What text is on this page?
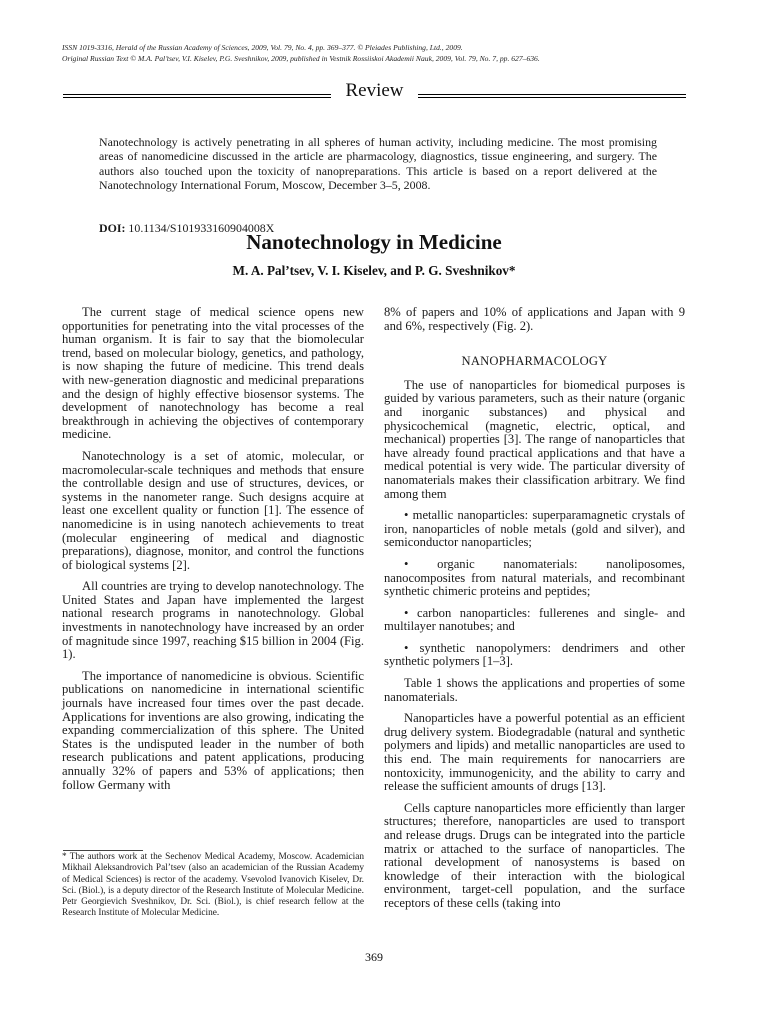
ISSN 1019-3316, Herald of the Russian Academy of Sciences, 2009, Vol. 79, No. 4, pp. 369–377. © Pleiades Publishing, Ltd., 2009.
Original Russian Text © M.A. Pal’tsev, V.I. Kiselev, P.G. Sveshnikov, 2009, published in Vestnik Rossiiskoi Akademii Nauk, 2009, Vol. 79, No. 7, pp. 627–636.
Review
Nanotechnology is actively penetrating in all spheres of human activity, including medicine. The most promising areas of nanomedicine discussed in the article are pharmacology, diagnostics, tissue engineering, and surgery. The authors also touched upon the toxicity of nanopreparations. This article is based on a report delivered at the Nanotechnology International Forum, Moscow, December 3–5, 2008.
DOI: 10.1134/S101933160904008X
Nanotechnology in Medicine
M. A. Pal’tsev, V. I. Kiselev, and P. G. Sveshnikov*

The current stage of medical science opens new opportunities for penetrating into the vital processes of the human organism. It is fair to say that the biomolecular trend, based on molecular biology, genetics, and pathology, is now shaping the future of medicine. This trend deals with new-generation diagnostic and medicinal preparations and the design of highly effective biosensor systems. The development of nanotechnology has become a real breakthrough in achieving the objectives of contemporary medicine.

Nanotechnology is a set of atomic, molecular, or macromolecular-scale techniques and methods that ensure the controllable design and use of structures, devices, or systems in the nanometer range. Such designs acquire at least one excellent quality or function [1]. The essence of nanomedicine is in using nanotech achievements to treat (molecular engineering of medical and diagnostic preparations), diagnose, monitor, and control the functions of biological systems [2].

All countries are trying to develop nanotechnology. The United States and Japan have implemented the largest national research programs in nanotechnology. Global investments in nanotechnology have increased by an order of magnitude since 1997, reaching $15 billion in 2004 (Fig. 1).

The importance of nanomedicine is obvious. Scientific publications on nanomedicine in international scientific journals have increased four times over the past decade. Applications for inventions are also growing, indicating the expanding commercialization of this sphere. The United States is the undisputed leader in the number of both research publications and patent applications, producing annually 32% of papers and 53% of applications; then follow Germany with

8% of papers and 10% of applications and Japan with 9 and 6%, respectively (Fig. 2).

NANOPHARMACOLOGY

The use of nanoparticles for biomedical purposes is guided by various parameters, such as their nature (organic and inorganic substances) and physical and physicochemical (magnetic, electric, optical, and mechanical) properties [3]. The range of nanoparticles that have already found practical applications and that have a medical potential is very wide. The particular diversity of nanomaterials makes their classification arbitrary. We find among them

• metallic nanoparticles: superparamagnetic crystals of iron, nanoparticles of noble metals (gold and silver), and semiconductor nanoparticles;

• organic nanomaterials: nanoliposomes, nanocomposites from natural materials, and recombinant synthetic chimeric proteins and peptides;

• carbon nanoparticles: fullerenes and single- and multilayer nanotubes; and

• synthetic nanopolymers: dendrimers and other synthetic polymers [1–3].

Table 1 shows the applications and properties of some nanomaterials.

Nanoparticles have a powerful potential as an efficient drug delivery system. Biodegradable (natural and synthetic polymers and lipids) and metallic nanoparticles are used to this end. The main requirements for nanocarriers are nontoxicity, immunogenicity, and the ability to carry and release the sufficient amounts of drugs [13].

Cells capture nanoparticles more efficiently than larger structures; therefore, nanoparticles are used to transport and release drugs. Drugs can be integrated into the particle matrix or attached to the surface of nanoparticles. The rational development of nanosystems is based on knowledge of their interaction with the biological environment, target-cell population, and the surface receptors of these cells (taking into

* The authors work at the Sechenov Medical Academy, Moscow. Academician Mikhail Aleksandrovich Pal’tsev (also an academician of the Russian Academy of Medical Sciences) is rector of the academy. Vsevolod Ivanovich Kiselev, Dr. Sci. (Biol.), is a deputy director of the Research Institute of Molecular Medicine. Petr Georgievich Sveshnikov, Dr. Sci. (Biol.), is chief research fellow at the Research Institute of Molecular Medicine.
369
